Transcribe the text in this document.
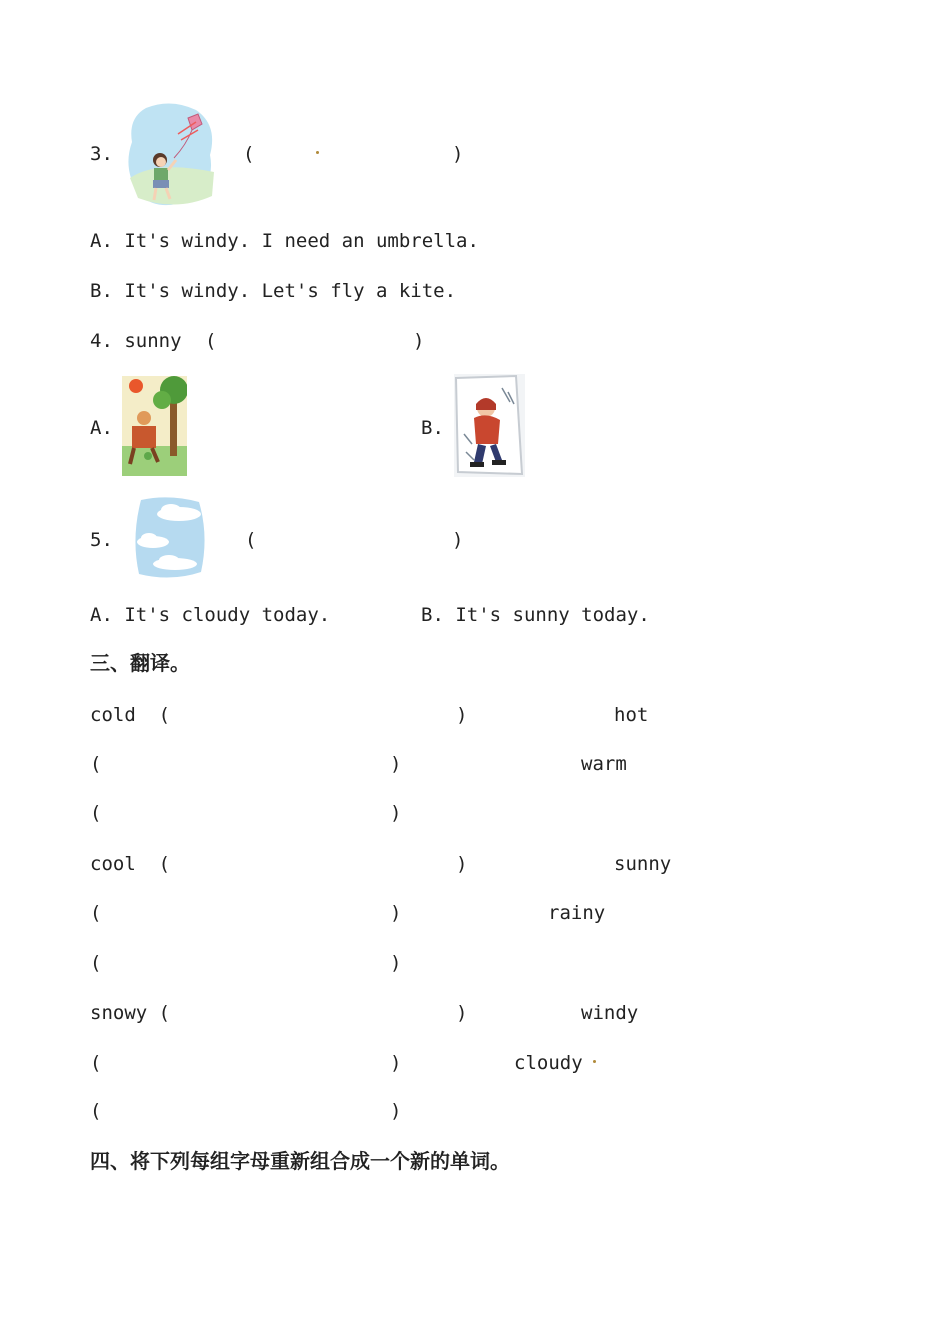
3.	(	)
A. It's windy. I need an umbrella.
B. It's windy. Let's fly a kite.
4. sunny (	)
A.	B.
5.	(	)
A. It's cloudy today.	B. It's sunny today.
三、翻译。
cold  (	)	hot
(	)	warm
(	)
cool  (	)	sunny
(	)	rainy
(	)
snowy (	)	windy
(	)	cloudy
(	)
四、将下列每组字母重新组合成一个新的单词。
